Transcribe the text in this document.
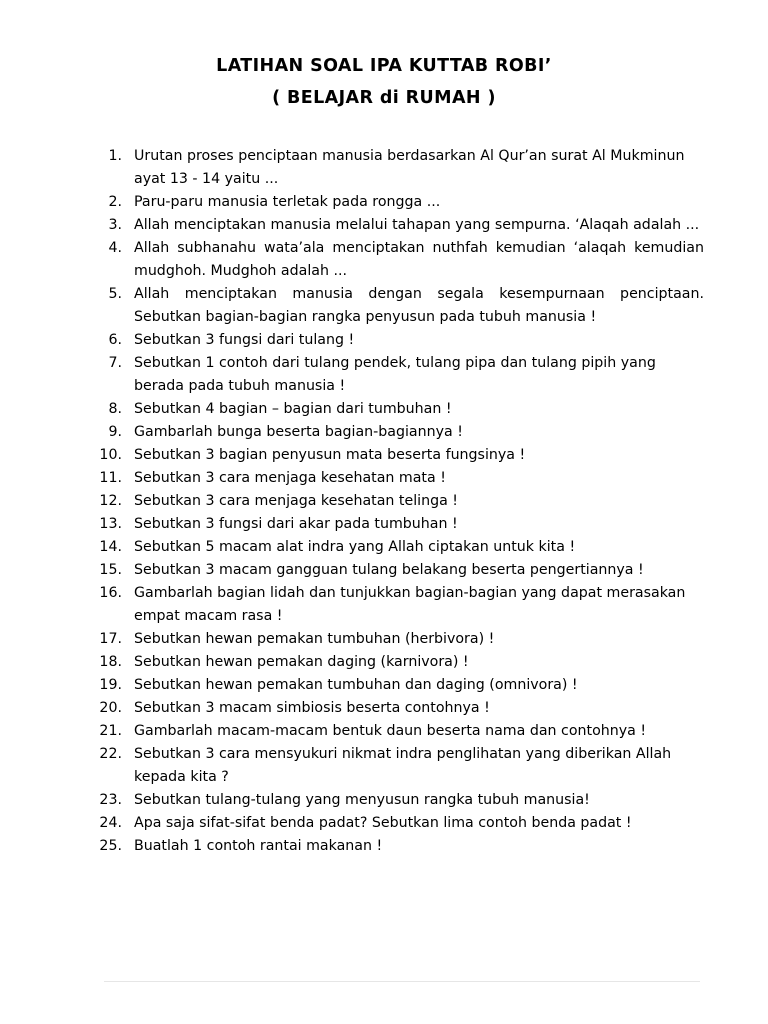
LATIHAN SOAL IPA KUTTAB ROBI’
( BELAJAR di RUMAH )
1. Urutan proses penciptaan manusia berdasarkan Al Qur’an surat Al Mukminun ayat 13 - 14 yaitu ...
2. Paru-paru manusia terletak pada rongga ...
3. Allah menciptakan manusia melalui tahapan yang sempurna. ‘Alaqah adalah ...
4. Allah subhanahu wata’ala menciptakan nuthfah kemudian ‘alaqah kemudian mudghoh. Mudghoh adalah ...
5. Allah menciptakan manusia dengan segala kesempurnaan penciptaan. Sebutkan bagian-bagian rangka penyusun pada tubuh manusia !
6. Sebutkan 3 fungsi dari tulang !
7. Sebutkan 1 contoh dari tulang pendek, tulang pipa dan tulang pipih yang berada pada tubuh manusia !
8. Sebutkan 4 bagian – bagian dari tumbuhan !
9. Gambarlah bunga beserta bagian-bagiannya !
10. Sebutkan 3 bagian penyusun mata beserta fungsinya !
11. Sebutkan 3 cara menjaga kesehatan mata !
12. Sebutkan 3 cara menjaga kesehatan telinga !
13. Sebutkan 3 fungsi dari akar pada tumbuhan !
14. Sebutkan 5 macam alat indra yang Allah ciptakan untuk kita !
15. Sebutkan 3 macam gangguan tulang belakang beserta pengertiannya !
16. Gambarlah bagian lidah dan tunjukkan bagian-bagian yang dapat merasakan empat macam rasa !
17. Sebutkan hewan pemakan tumbuhan (herbivora) !
18. Sebutkan hewan pemakan daging (karnivora) !
19. Sebutkan hewan pemakan tumbuhan dan daging (omnivora) !
20. Sebutkan 3 macam simbiosis beserta contohnya !
21. Gambarlah macam-macam bentuk daun beserta nama dan contohnya !
22. Sebutkan 3 cara mensyukuri nikmat indra penglihatan yang diberikan Allah kepada kita ?
23. Sebutkan tulang-tulang yang menyusun rangka tubuh manusia!
24. Apa saja sifat-sifat benda padat? Sebutkan lima contoh benda padat !
25. Buatlah 1 contoh rantai makanan !
